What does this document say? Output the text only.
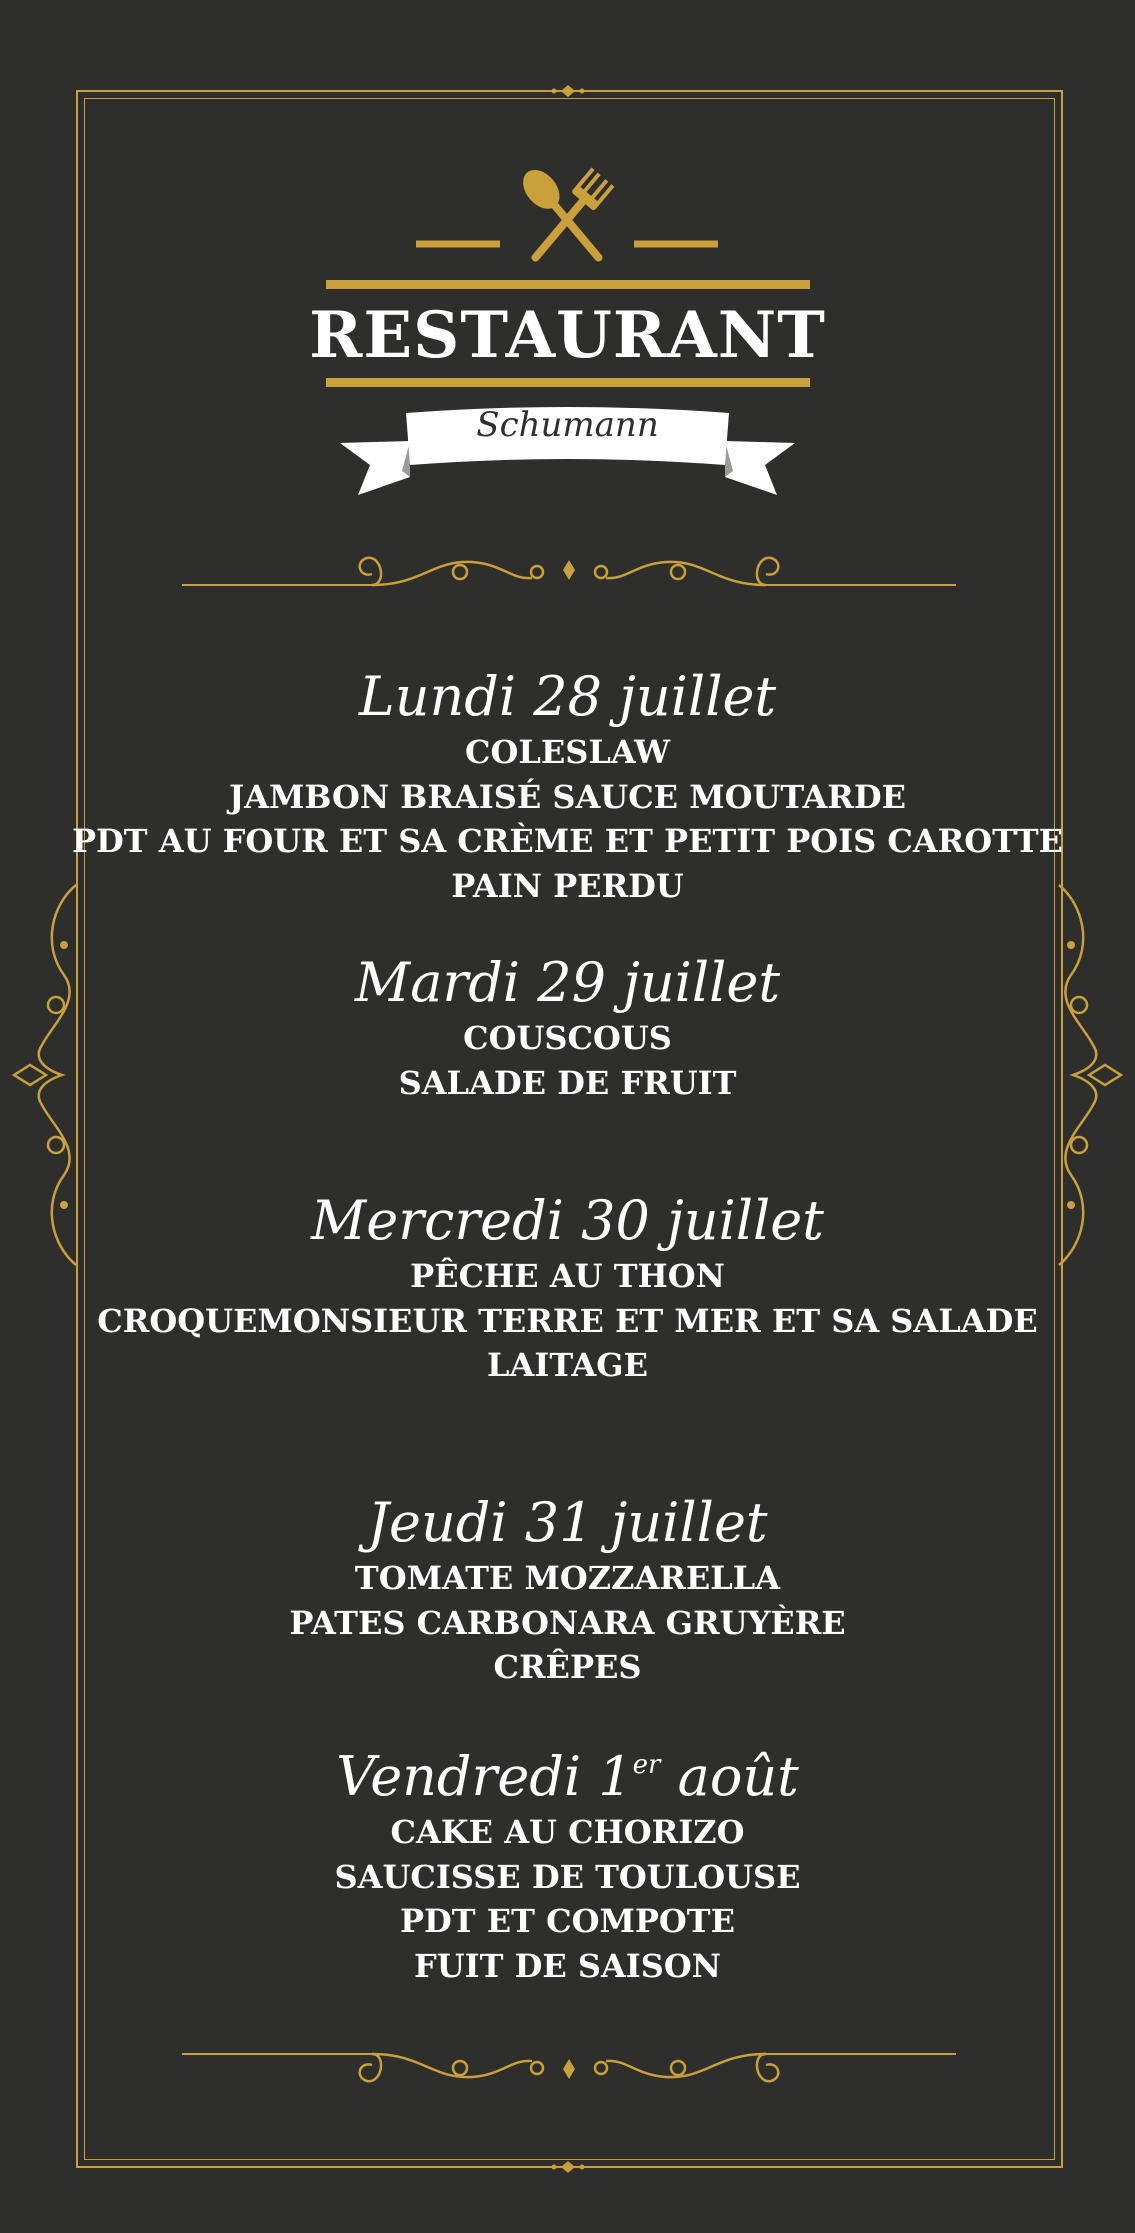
RESTAURANT
Schumann

Lundi 28 juillet

COLESLAW

JAMBON BRAISÉ SAUCE MOUTARDE

PDT AU FOUR ET SA CRÈME ET PETIT POIS CAROTTE

PAIN PERDU

Mardi 29 juillet

COUSCOUS

SALADE DE FRUIT

Mercredi 30 juillet

PÊCHE AU THON

CROQUEMONSIEUR TERRE ET MER ET SA SALADE

LAITAGE

Jeudi 31 juillet

TOMATE MOZZARELLA

PATES CARBONARA GRUYÈRE

CRÊPES

Vendredi 1er août

CAKE AU CHORIZO

SAUCISSE DE TOULOUSE

PDT ET COMPOTE

FUIT DE SAISON
